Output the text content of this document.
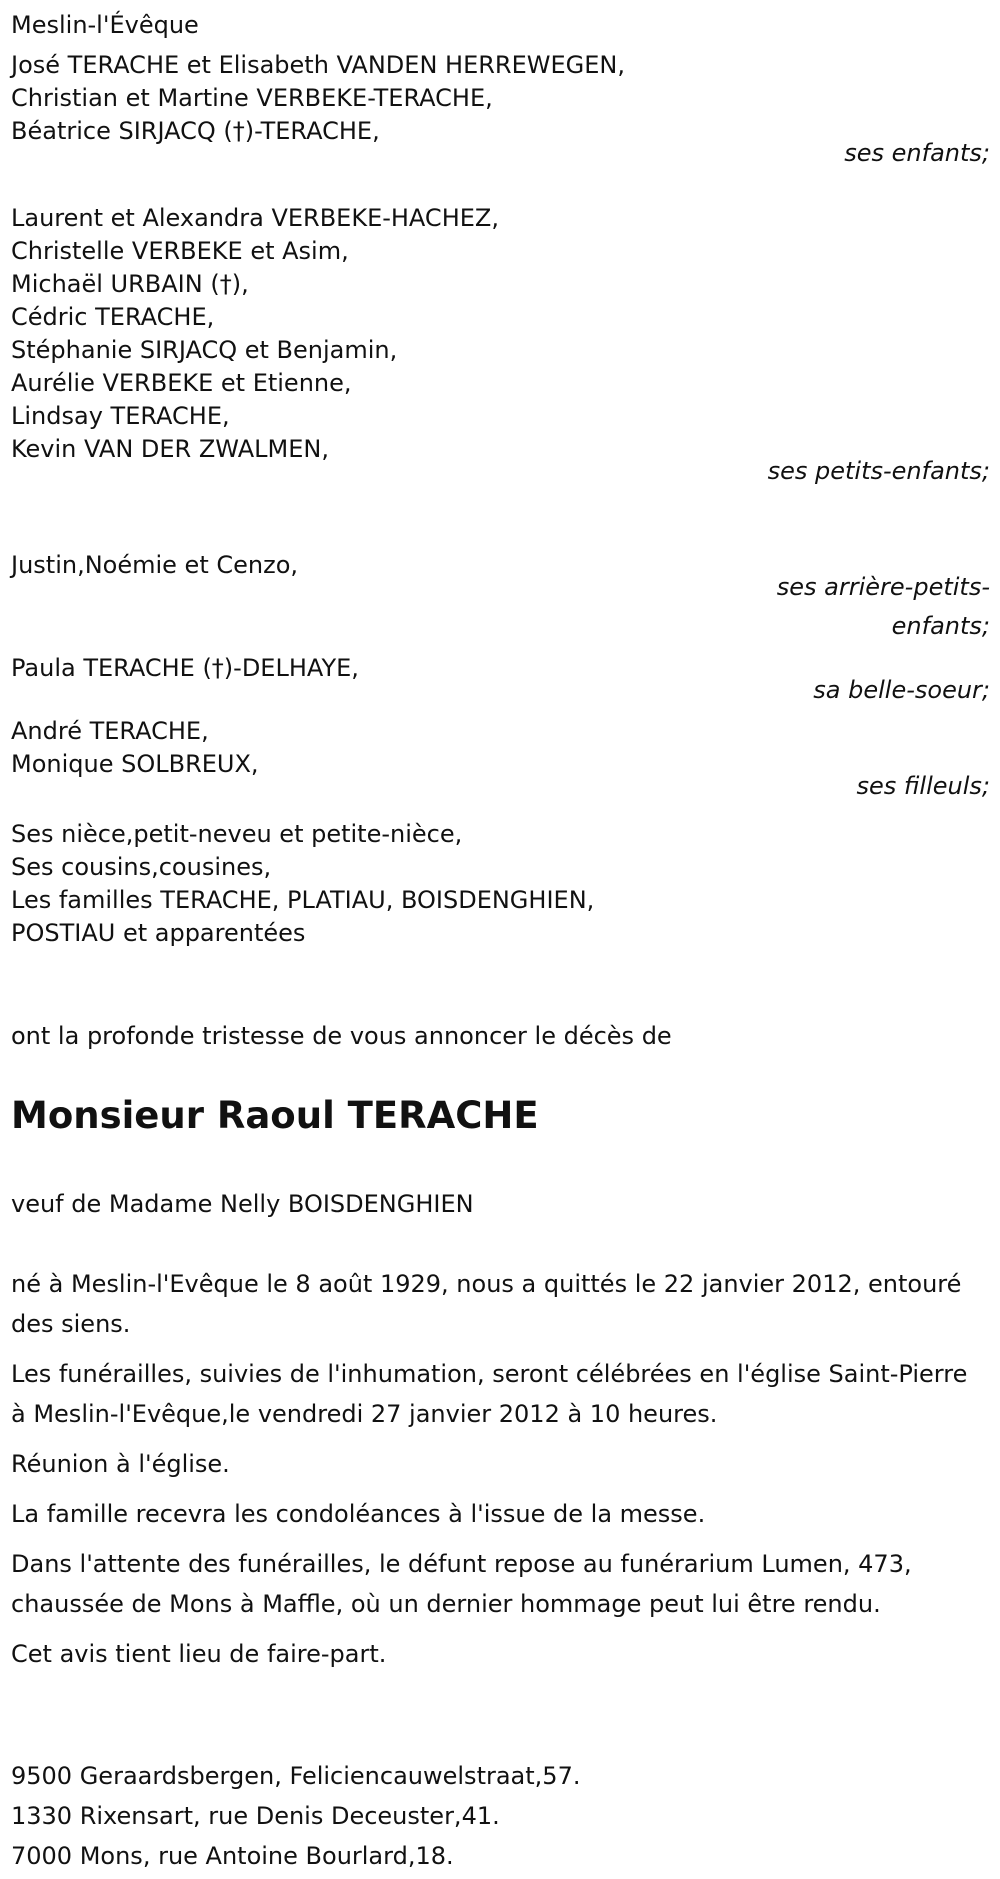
Meslin-l'Évêque
José TERACHE et Elisabeth VANDEN HERREWEGEN,
Christian et Martine VERBEKE-TERACHE,
Béatrice SIRJACQ (†)-TERACHE,
ses enfants;
Laurent et Alexandra VERBEKE-HACHEZ,
Christelle VERBEKE et Asim,
Michaël URBAIN (†),
Cédric TERACHE,
Stéphanie SIRJACQ et Benjamin,
Aurélie VERBEKE et Etienne,
Lindsay TERACHE,
Kevin VAN DER ZWALMEN,
ses petits-enfants;
Justin,Noémie et Cenzo,
ses arrière-petits-
enfants;
Paula TERACHE (†)-DELHAYE,
sa belle-soeur;
André TERACHE,
Monique SOLBREUX,
ses filleuls;
Ses nièce,petit-neveu et petite-nièce,
Ses cousins,cousines,
Les familles TERACHE, PLATIAU, BOISDENGHIEN,
POSTIAU et apparentées
ont la profonde tristesse de vous annoncer le décès de
Monsieur Raoul TERACHE
veuf de Madame Nelly BOISDENGHIEN
né à Meslin-l'Evêque le 8 août 1929, nous a quittés le 22 janvier 2012, entouré des siens.
Les funérailles, suivies de l'inhumation, seront célébrées en l'église Saint-Pierre à Meslin-l'Evêque,le vendredi 27 janvier 2012 à 10 heures.
Réunion à l'église.
La famille recevra les condoléances à l'issue de la messe.
Dans l'attente des funérailles, le défunt repose au funérarium Lumen, 473, chaussée de Mons à Maffle, où un dernier hommage peut lui être rendu.
Cet avis tient lieu de faire-part.
9500 Geraardsbergen, Feliciencauwelstraat,57.
1330 Rixensart, rue Denis Deceuster,41.
7000 Mons, rue Antoine Bourlard,18.
